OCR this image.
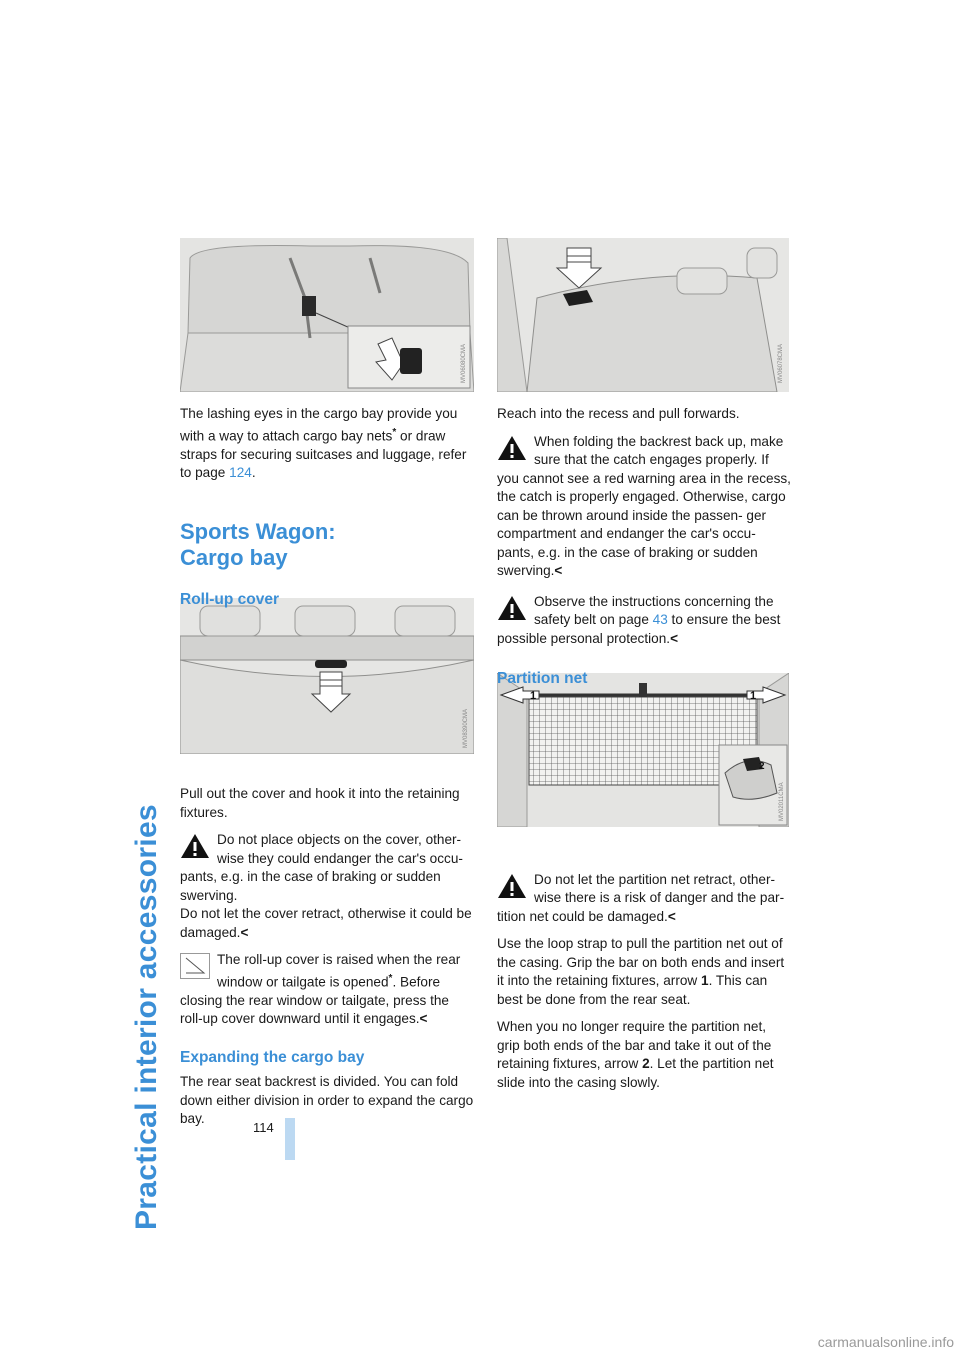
Practical interior accessories	114
MV06080CMA
MV08390CMA
MV06078CMA
1	1
2
MV02011CMA
The lashing eyes in the cargo bay provide you
with a way to attach cargo bay nets* or draw
straps for securing suitcases and luggage, refer
to page 124.
Sports Wagon:
Cargo bay
Roll-up cover

Pull out the cover and hook it into the retaining fixtures.

Do not place objects on the cover, other-
wise they could endanger the car's occu-
pants, e.g. in the case of braking or sudden swerving.
Do not let the cover retract, otherwise it could be damaged.<
The roll-up cover is raised when the rear
window or tailgate is opened*. Before
closing the rear window or tailgate, press the roll-up cover downward until it engages.<
Expanding the cargo bay

The rear seat backrest is divided. You can fold down either division in order to expand the cargo bay.

Reach into the recess and pull forwards.

When folding the backrest back up, make
sure that the catch engages properly. If
you cannot see a red warning area in the recess, the catch is properly engaged. Otherwise, cargo can be thrown around inside the passen- ger compartment and endanger the car's occu- pants, e.g. in the case of braking or sudden swerving.<
Observe the instructions concerning the
safety belt on page 43 to ensure the best
possible personal protection.<
Partition net
Do not let the partition net retract, other-
wise there is a risk of danger and the par-
tition net could be damaged.<

Use the loop strap to pull the partition net out of the casing. Grip the bar on both ends and insert it into the retaining fixtures, arrow 1. This can best be done from the rear seat.

When you no longer require the partition net, grip both ends of the bar and take it out of the retaining fixtures, arrow 2. Let the partition net slide into the casing slowly.

carmanualsonline.info
